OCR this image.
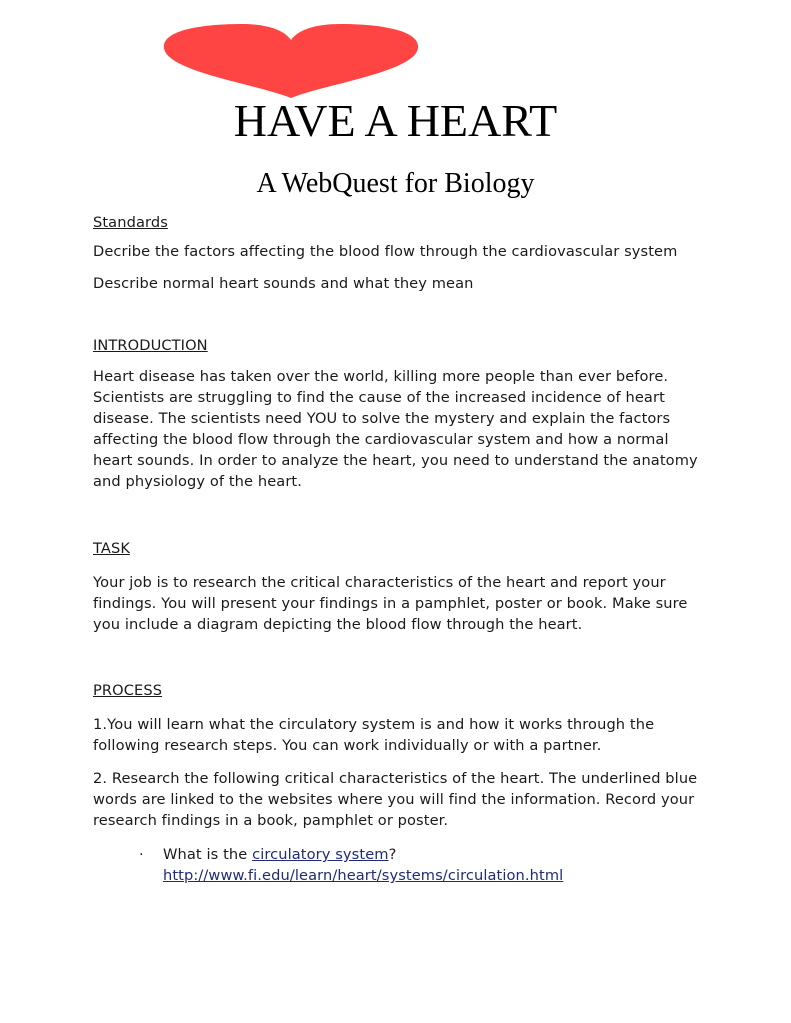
HAVE A HEART
A WebQuest for Biology

Standards

Decribe the factors affecting the blood flow through the cardiovascular system

Describe normal heart sounds and what they mean

INTRODUCTION

Heart disease has taken over the world, killing more people than ever before. Scientists are struggling to find the cause of the increased incidence of heart disease. The scientists need YOU to solve the mystery and explain the factors affecting the blood flow through the cardiovascular system and how a normal heart sounds. In order to analyze the heart, you need to understand the anatomy and physiology of the heart.

TASK

Your job is to research the critical characteristics of the heart and report your findings. You will present your findings in a pamphlet, poster or book. Make sure you include a diagram depicting the blood flow through the heart.

PROCESS

1.You will learn what the circulatory system is and how it works through the following research steps. You can work individually or with a partner.

2. Research the following critical characteristics of the heart. The underlined blue words are linked to the websites where you will find the information. Record your research findings in a book, pamphlet or poster.

· What is the circulatory system?
http://www.fi.edu/learn/heart/systems/circulation.html
